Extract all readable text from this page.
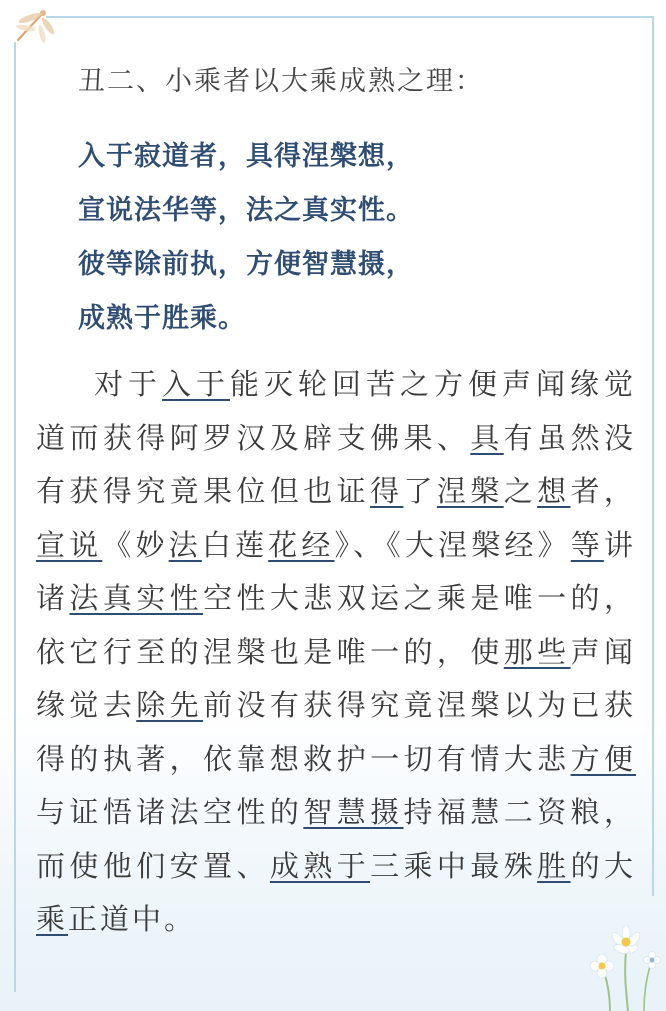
丑二、小乘者以大乘成熟之理：

入于寂道者，具得涅槃想，
宣说法华等，法之真实性。
彼等除前执，方便智慧摄，
成熟于胜乘。

对于入于能灭轮回苦之方便声闻缘觉道而获得阿罗汉及辟支佛果、具有虽然没有获得究竟果位但也证得了涅槃之想者，宣说《妙法白莲花经》、《大涅槃经》等讲诸法真实性空性大悲双运之乘是唯一的，依它行至的涅槃也是唯一的，使那些声闻缘觉去除先前没有获得究竟涅槃以为已获得的执著，依靠想救护一切有情大悲方便与证悟诸法空性的智慧摄持福慧二资粮，而使他们安置、成熟于三乘中最殊胜的大乘正道中。
